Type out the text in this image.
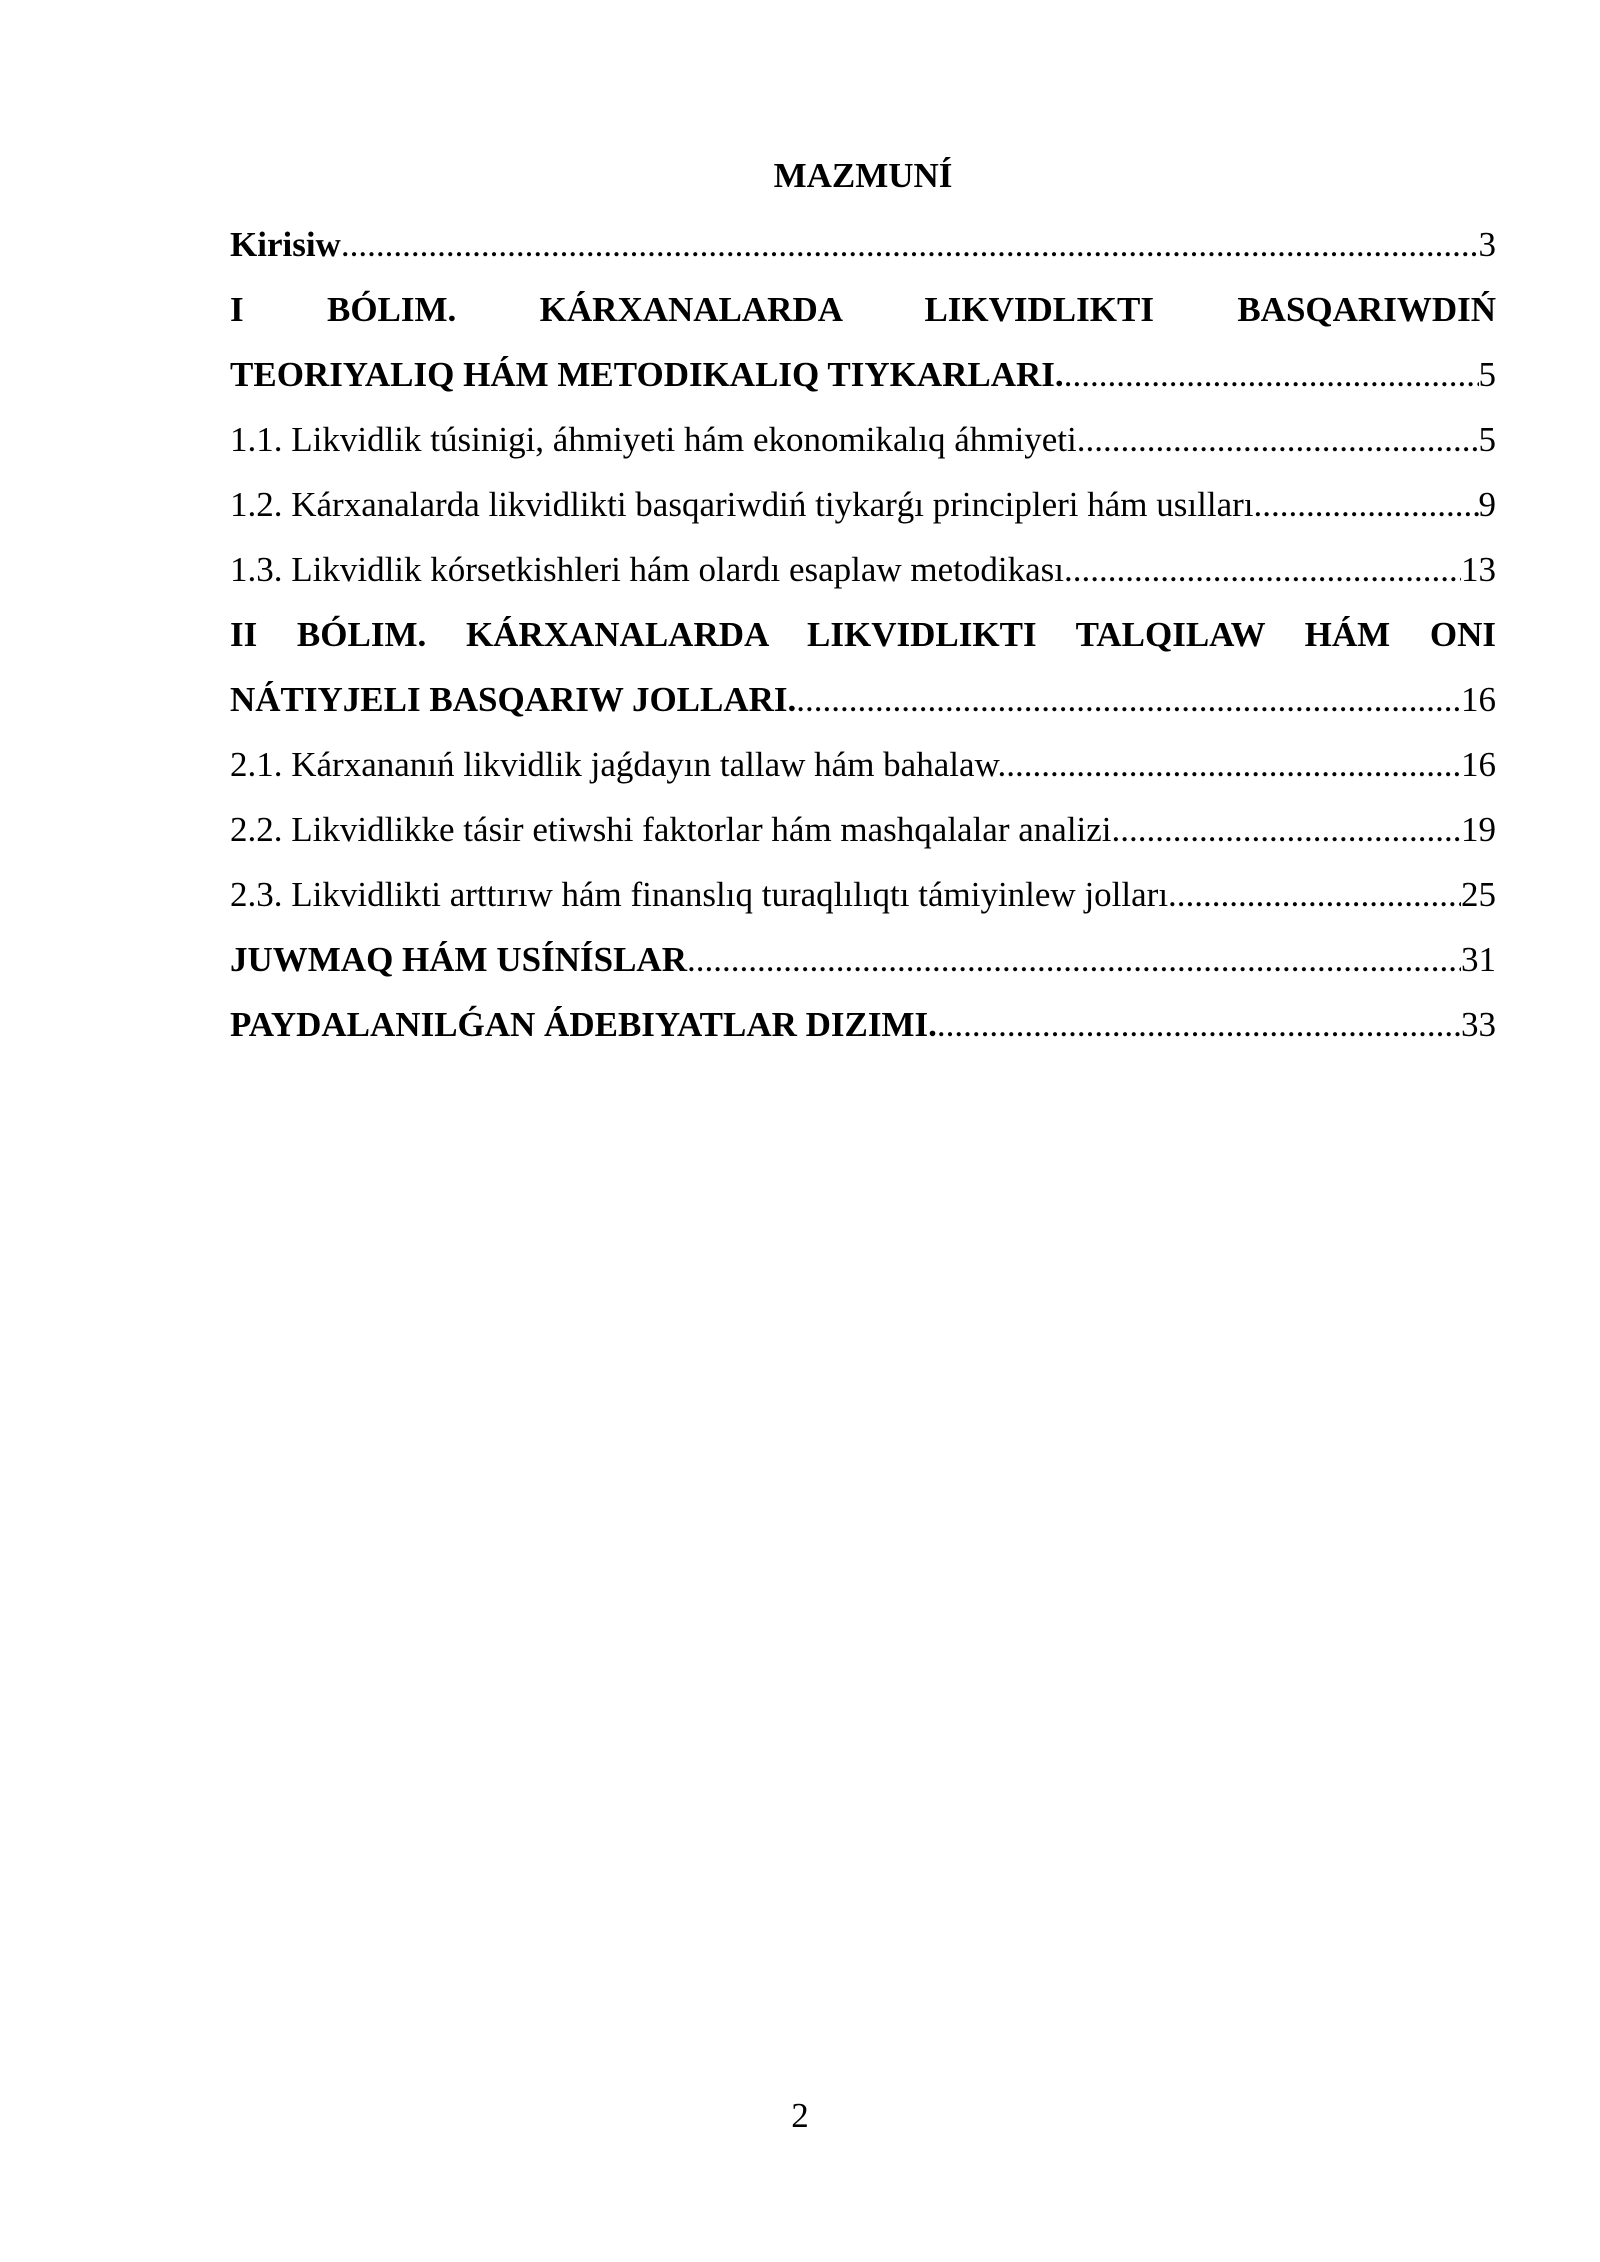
MAZMUNÍ
Kirisiw .....	3
I BÓLIM. KÁRXANALARDA LIKVIDLIKTI BASQARIWDIŃ
TEORIYALIQ HÁM METODIKALIQ TIYKARLARI. .....	5
1.1. Likvidlik túsinigi, áhmiyeti hám ekonomikalıq áhmiyeti. .....	5
1.2. Kárxanalarda likvidlikti basqariwdiń tiykarǵı principleri hám usılları. .....	9
1.3. Likvidlik kórsetkishleri hám olardı esaplaw metodikası. .....	13
II BÓLIM. KÁRXANALARDA LIKVIDLIKTI TALQILAW HÁM ONI
NÁTIYJELI BASQARIW JOLLARI. .....	16
2.1. Kárxananıń likvidlik jaǵdayın tallaw hám bahalaw. .....	16
2.2. Likvidlikke tásir etiwshi faktorlar hám mashqalalar analizi. .....	19
2.3. Likvidlikti arttırıw hám finanslıq turaqlılıqtı támiyinlew jolları. .....	25
JUWMAQ HÁM USÍNÍSLAR .....	31
PAYDALANILǴAN ÁDEBIYATLAR DIZIMI. .....	33
2
